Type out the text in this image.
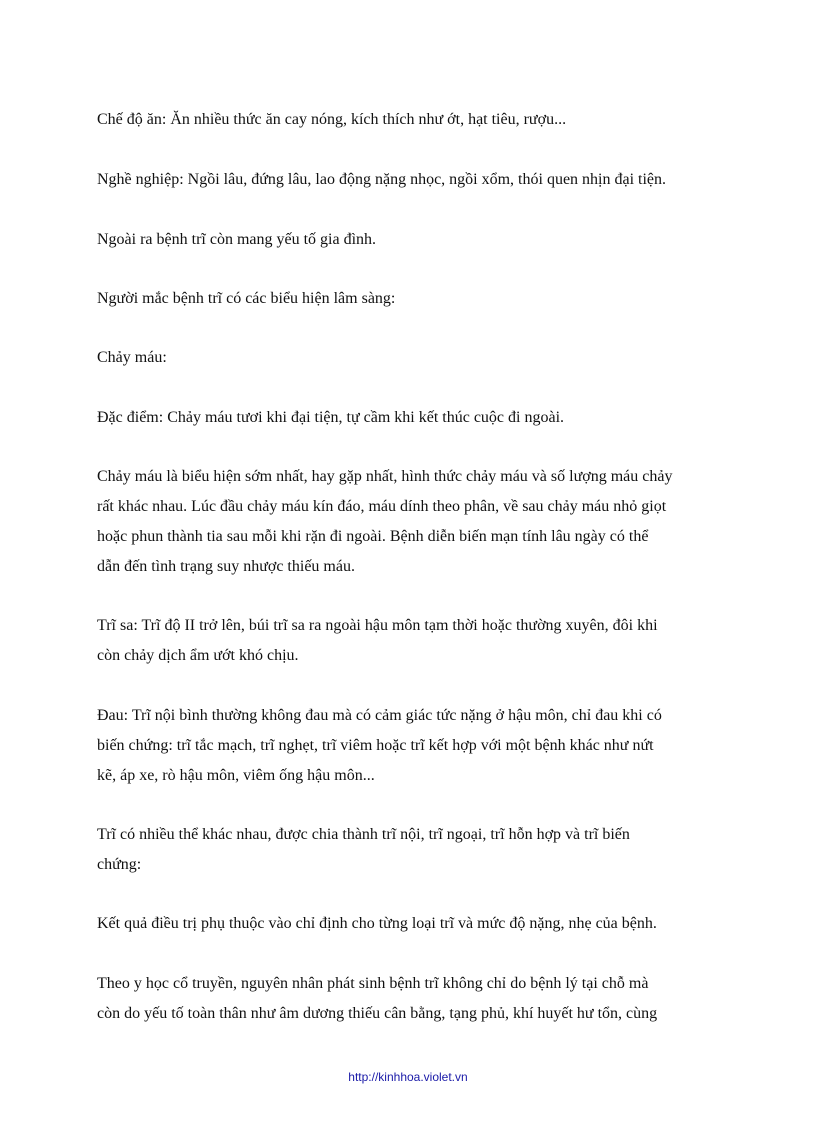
Chế độ ăn: Ăn nhiều thức ăn cay nóng, kích thích như ớt, hạt tiêu, rượu...

Nghề nghiệp: Ngồi lâu, đứng lâu, lao động nặng nhọc, ngồi xổm, thói quen nhịn đại tiện.

Ngoài ra bệnh trĩ còn mang yếu tố gia đình.

Người mắc bệnh trĩ có các biểu hiện lâm sàng:

Chảy máu:

Đặc điểm: Chảy máu tươi khi đại tiện, tự cầm khi kết thúc cuộc đi ngoài.

Chảy máu là biểu hiện sớm nhất, hay gặp nhất, hình thức chảy máu và số lượng máu chảy

rất khác nhau. Lúc đầu chảy máu kín đáo, máu dính theo phân, về sau chảy máu nhỏ giọt

hoặc phun thành tia sau mỗi khi rặn đi ngoài. Bệnh diễn biến mạn tính lâu ngày có thể

dẫn đến tình trạng suy nhược thiếu máu.

Trĩ sa: Trĩ độ II trở lên, búi trĩ sa ra ngoài hậu môn tạm thời hoặc thường xuyên, đôi khi

còn chảy dịch ẩm ướt khó chịu.

Đau: Trĩ nội bình thường không đau mà có cảm giác tức nặng ở hậu môn, chỉ đau khi có

biến chứng: trĩ tắc mạch, trĩ nghẹt, trĩ viêm hoặc trĩ kết hợp với một bệnh khác như nứt

kẽ, áp xe, rò hậu môn, viêm ống hậu môn...

Trĩ có nhiều thể khác nhau, được chia thành trĩ nội, trĩ ngoại, trĩ hỗn hợp và trĩ biến

chứng:

Kết quả điều trị phụ thuộc vào chỉ định cho từng loại trĩ và mức độ nặng, nhẹ của bệnh.

Theo y học cổ truyền, nguyên nhân phát sinh bệnh trĩ không chỉ do bệnh lý tại chỗ mà

còn do yếu tố toàn thân như âm dương thiếu cân bằng, tạng phủ, khí huyết hư tổn, cùng

http://kinhhoa.violet.vn
